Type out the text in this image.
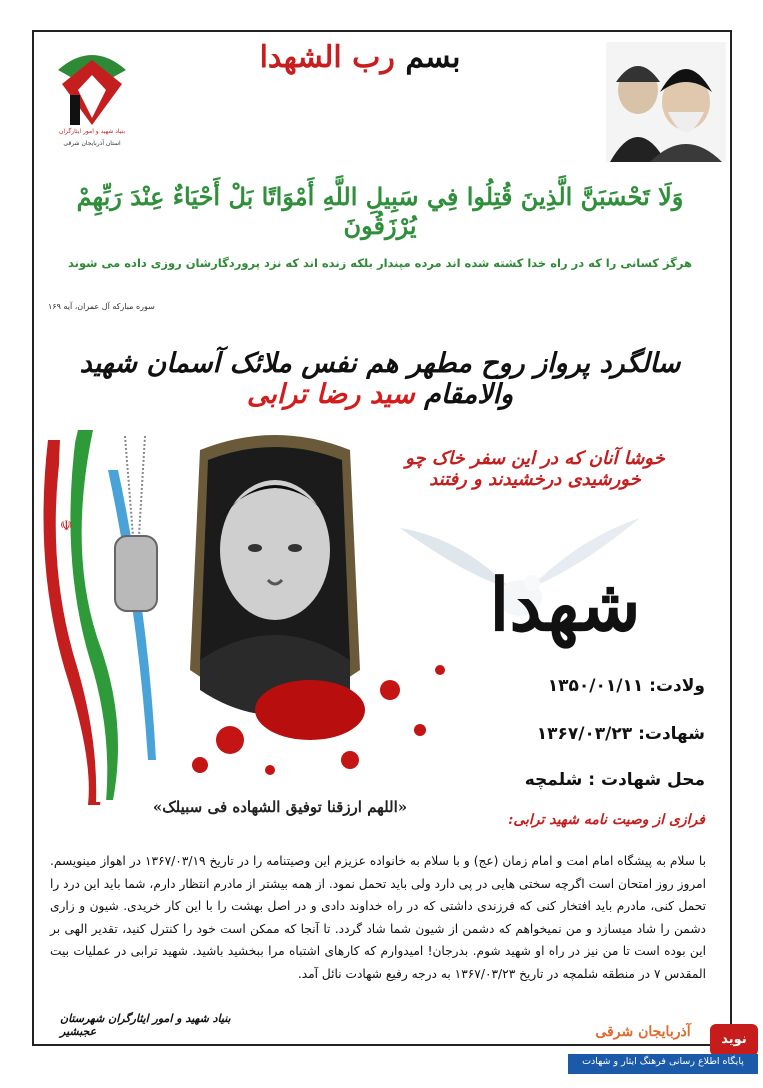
بنیاد شهید و امور ایثارگران
استان آذربایجان شرقی
بسم رب الشهدا
وَلَا تَحْسَبَنَّ الَّذِينَ قُتِلُوا فِي سَبِيلِ اللَّهِ أَمْوَاتًا بَلْ أَحْيَاءٌ عِنْدَ رَبِّهِمْ يُرْزَقُونَ
هرگز کسانی را که در راه خدا کشته شده اند مرده مپندار بلکه زنده اند که نزد پروردگارشان روزی داده می شوند
سوره مبارکه آل عمران، آیه ۱۶۹
سالگرد پرواز روح مطهر هم نفس ملائک آسمان شهید والامقام سید رضا ترابی
☫
«اللهم ارزقنا توفیق الشهاده فی سبیلک»
خوشا آنان که در این سفر خاک چو خورشیدی درخشیدند و رفتند
شهدا
ولادت: ۱۳۵۰/۰۱/۱۱
شهادت: ۱۳۶۷/۰۳/۲۳
محل شهادت : شلمچه
فرازی از وصیت نامه شهید ترابی:
با سلام به پیشگاه امام امت و امام زمان (عج) و با سلام به خانواده عزیزم این وصیتنامه را در تاریخ ۱۳۶۷/۰۳/۱۹ در اهواز مینویسم. امروز روز امتحان است اگرچه سختی هایی در پی دارد ولی باید تحمل نمود. از همه بیشتر از مادرم انتظار دارم، شما باید این درد را تحمل کنی، مادرم باید افتخار کنی که فرزندی داشتی که در راه خداوند دادی و در اصل بهشت را با این کار خریدی. شیون و زاری دشمن را شاد میسازد و من نمیخواهم که دشمن از شیون شما شاد گردد. تا آنجا که ممکن است خود را کنترل کنید، تقدیر الهی بر این بوده است تا من نیز در راه او شهید شوم. بدرجان! امیدوارم که کارهای اشتباه مرا ببخشید باشید. شهید ترابی در عملیات بیت المقدس ۷ در منطقه شلمچه در تاریخ ۱۳۶۷/۰۳/۲۳ به درجه رفیع شهادت نائل آمد.
بنیاد شهید و امور ایثارگران شهرستان عجبشیر	آذربایجان شرقی	نوید
پایگاه اطلاع رسانی فرهنگ ایثار و شهادت
